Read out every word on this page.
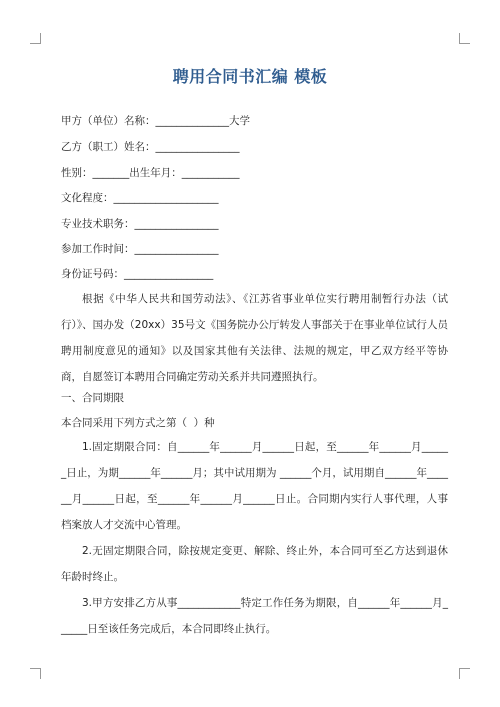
聘用合同书汇编 模板
甲方（单位）名称：______________大学
乙方（职工）姓名：________________
性别：_______出生年月：___________
文化程度：____________________
专业技术职务：________________
参加工作时间：________________
身份证号码：_________________
根据《中华人民共和国劳动法》、《江苏省事业单位实行聘用制暂行办法（试行）》、国办发（20xx）35号文《国务院办公厅转发人事部关于在事业单位试行人员聘用制度意见的通知》以及国家其他有关法律、法规的规定，甲乙双方经平等协商，自愿签订本聘用合同确定劳动关系并共同遵照执行。
一、合同期限
本合同采用下列方式之第（  ）种
1.固定期限合同：自______年______月______日起，至______年______月______日止，为期______年______月；其中试用期为 ______个月，试用期自______年______月______日起，至______年______月______日止。合同期内实行人事代理，人事档案放人才交流中心管理。
2.无固定期限合同，除按规定变更、解除、终止外，本合同可至乙方达到退休年龄时终止。
3.甲方安排乙方从事____________特定工作任务为期限，自______年______月______日至该任务完成后，本合同即终止执行。
